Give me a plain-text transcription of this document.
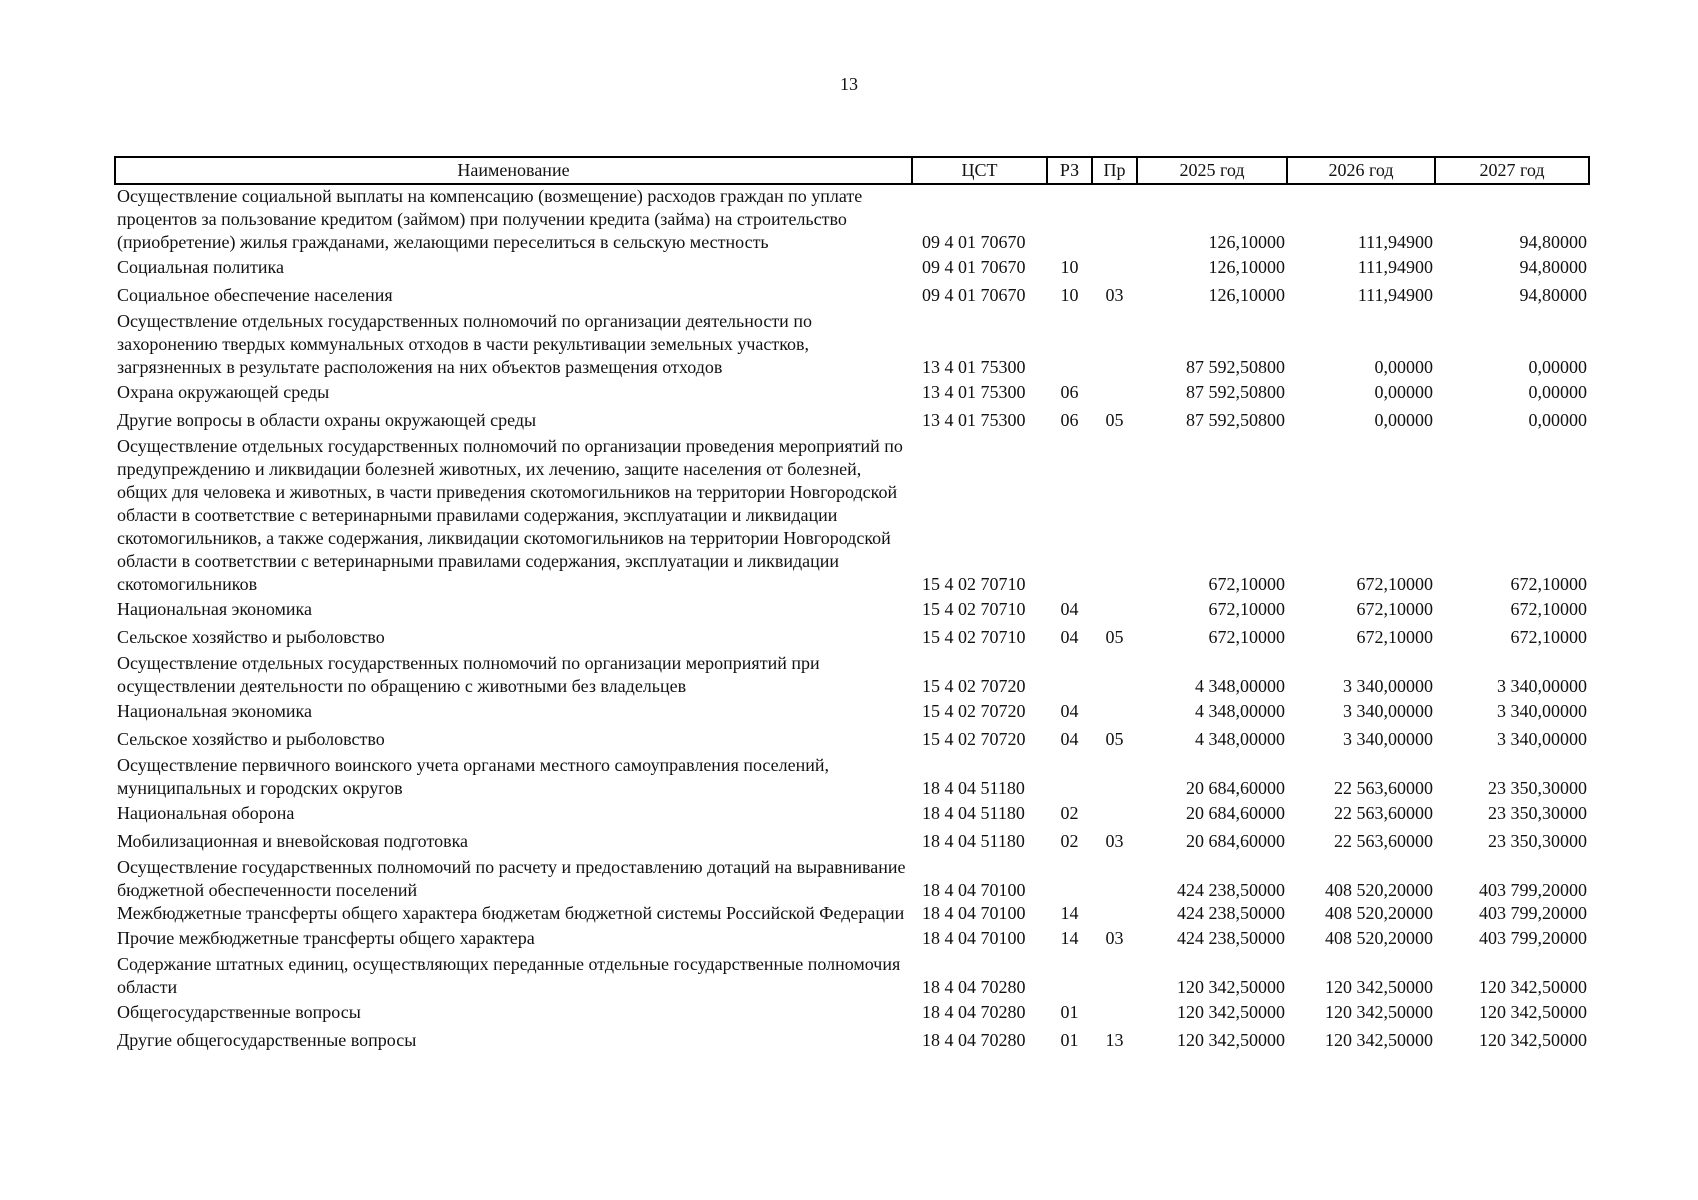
13
Наименование	ЦСТ	РЗ	Пр	2025 год	2026 год	2027 год
Осуществление социальной выплаты на компенсацию (возмещение) расходов граждан по уплате процентов за пользование кредитом (займом) при получении кредита (займа) на строительство (приобретение) жилья гражданами, желающими переселиться в сельскую местность	09 4 01 70670			126,10000	111,94900	94,80000
Социальная политика	09 4 01 70670	10		126,10000	111,94900	94,80000
Социальное обеспечение населения	09 4 01 70670	10	03	126,10000	111,94900	94,80000
Осуществление отдельных государственных полномочий по организации деятельности по захоронению твердых коммунальных отходов в части рекультивации земельных участков, загрязненных в результате расположения на них объектов размещения отходов	13 4 01 75300			87 592,50800	0,00000	0,00000
Охрана окружающей среды	13 4 01 75300	06		87 592,50800	0,00000	0,00000
Другие вопросы в области охраны окружающей среды	13 4 01 75300	06	05	87 592,50800	0,00000	0,00000
Осуществление отдельных государственных полномочий по организации проведения мероприятий по предупреждению и ликвидации болезней животных, их лечению, защите населения от болезней, общих для человека и животных, в части приведения скотомогильников на территории Новгородской области в соответствие с ветеринарными правилами содержания, эксплуатации и ликвидации скотомогильников, а также содержания, ликвидации скотомогильников на территории Новгородской области в соответствии с ветеринарными правилами содержания, эксплуатации и ликвидации скотомогильников	15 4 02 70710			672,10000	672,10000	672,10000
Национальная экономика	15 4 02 70710	04		672,10000	672,10000	672,10000
Сельское хозяйство и рыболовство	15 4 02 70710	04	05	672,10000	672,10000	672,10000
Осуществление отдельных государственных полномочий по организации мероприятий при осуществлении деятельности по обращению с животными без владельцев	15 4 02 70720			4 348,00000	3 340,00000	3 340,00000
Национальная экономика	15 4 02 70720	04		4 348,00000	3 340,00000	3 340,00000
Сельское хозяйство и рыболовство	15 4 02 70720	04	05	4 348,00000	3 340,00000	3 340,00000
Осуществление первичного воинского учета органами местного самоуправления поселений, муниципальных и городских округов	18 4 04 51180			20 684,60000	22 563,60000	23 350,30000
Национальная оборона	18 4 04 51180	02		20 684,60000	22 563,60000	23 350,30000
Мобилизационная и вневойсковая подготовка	18 4 04 51180	02	03	20 684,60000	22 563,60000	23 350,30000
Осуществление государственных полномочий по расчету и предоставлению дотаций на выравнивание бюджетной обеспеченности поселений	18 4 04 70100			424 238,50000	408 520,20000	403 799,20000
Межбюджетные трансферты общего характера бюджетам бюджетной системы Российской Федерации	18 4 04 70100	14		424 238,50000	408 520,20000	403 799,20000
Прочие межбюджетные трансферты общего характера	18 4 04 70100	14	03	424 238,50000	408 520,20000	403 799,20000
Содержание штатных единиц, осуществляющих переданные отдельные государственные полномочия области	18 4 04 70280			120 342,50000	120 342,50000	120 342,50000
Общегосударственные вопросы	18 4 04 70280	01		120 342,50000	120 342,50000	120 342,50000
Другие общегосударственные вопросы	18 4 04 70280	01	13	120 342,50000	120 342,50000	120 342,50000
